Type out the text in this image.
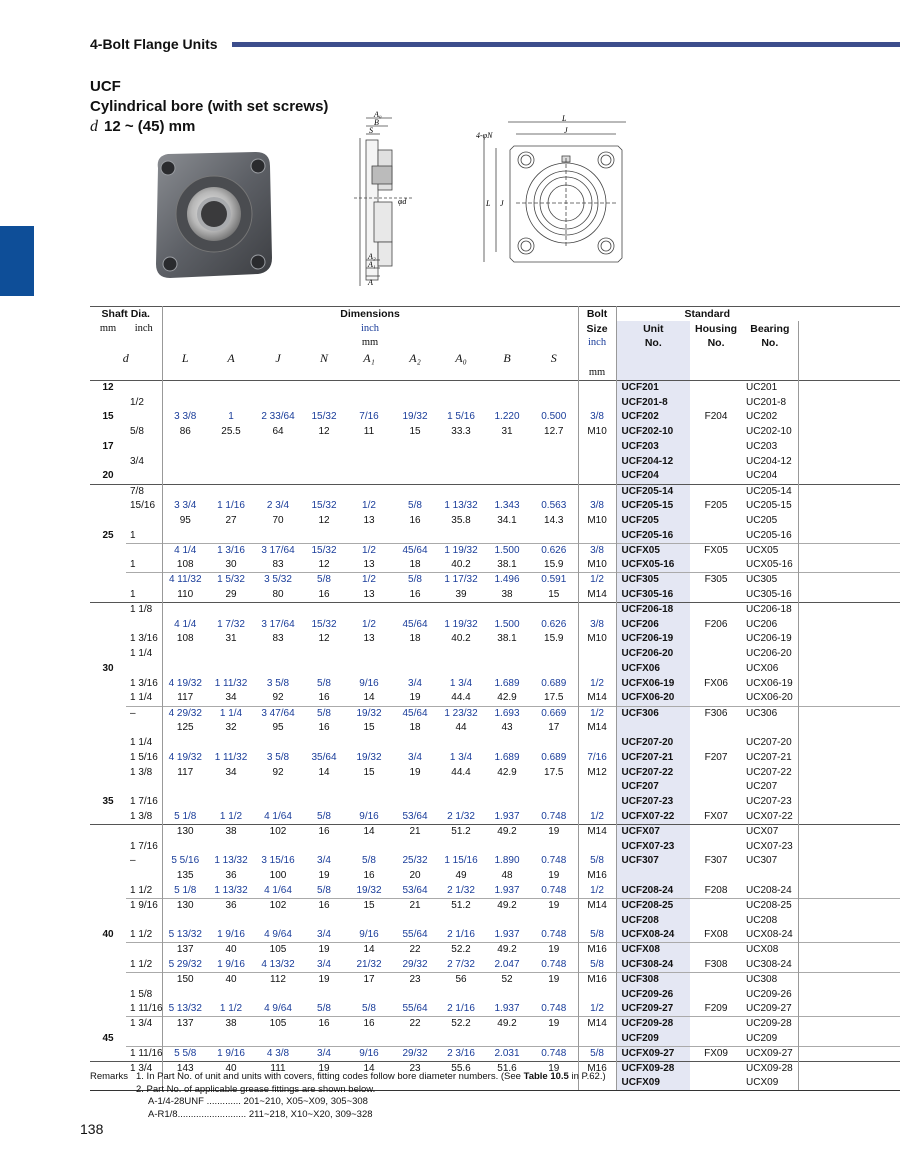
4-Bolt Flange Units
UCF
Cylindrical bore (with set screws)
d 12 ~ (45) mm
A₀
B
S
φd
A₂
A₁
A
L
J
4-φN
L J
Shaft Dia.		Dimensions									Bolt	Standard			
mm	inch	inch									Size	Unit	Housing	Bearing	
		mm									inch	No.	No.	No.	
d		L	A	J	N	A₁	A₂	A₀	B	S					
											mm				
12												UCF201		UC201	
	1/2											UCF201-8		UC201-8	
15		3 3/8	1	2 33/64	15/32	7/16	19/32	1 5/16	1.220	0.500	3/8	UCF202	F204	UC202	
	5/8	86	25.5	64	12	11	15	33.3	31	12.7	M10	UCF202-10		UC202-10	
17												UCF203		UC203	
	3/4											UCF204-12		UC204-12	
20												UCF204		UC204	
	7/8											UCF205-14		UC205-14	
	15/16	3 3/4	1 1/16	2 3/4	15/32	1/2	5/8	1 13/32	1.343	0.563	3/8	UCF205-15	F205	UC205-15	
		95	27	70	12	13	16	35.8	34.1	14.3	M10	UCF205		UC205	
25	1											UCF205-16		UC205-16	
		4 1/4	1 3/16	3 17/64	15/32	1/2	45/64	1 19/32	1.500	0.626	3/8	UCFX05	FX05	UCX05	
	1	108	30	83	12	13	18	40.2	38.1	15.9	M10	UCFX05-16		UCX05-16	
		4 11/32	1 5/32	3 5/32	5/8	1/2	5/8	1 17/32	1.496	0.591	1/2	UCF305	F305	UC305	
	1	110	29	80	16	13	16	39	38	15	M14	UCF305-16		UC305-16	
	1 1/8											UCF206-18		UC206-18	
		4 1/4	1 7/32	3 17/64	15/32	1/2	45/64	1 19/32	1.500	0.626	3/8	UCF206	F206	UC206	
	1 3/16	108	31	83	12	13	18	40.2	38.1	15.9	M10	UCF206-19		UC206-19	
	1 1/4											UCF206-20		UC206-20	
30												UCFX06		UCX06	
	1 3/16	4 19/32	1 11/32	3 5/8	5/8	9/16	3/4	1 3/4	1.689	0.689	1/2	UCFX06-19	FX06	UCX06-19	
	1 1/4	117	34	92	16	14	19	44.4	42.9	17.5	M14	UCFX06-20		UCX06-20	
	–	4 29/32	1 1/4	3 47/64	5/8	19/32	45/64	1 23/32	1.693	0.669	1/2	UCF306	F306	UC306	
		125	32	95	16	15	18	44	43	17	M14				
	1 1/4											UCF207-20		UC207-20	
	1 5/16	4 19/32	1 11/32	3 5/8	35/64	19/32	3/4	1 3/4	1.689	0.689	7/16	UCF207-21	F207	UC207-21	
	1 3/8	117	34	92	14	15	19	44.4	42.9	17.5	M12	UCF207-22		UC207-22	
												UCF207		UC207	
35	1 7/16											UCF207-23		UC207-23	
	1 3/8	5 1/8	1 1/2	4 1/64	5/8	9/16	53/64	2 1/32	1.937	0.748	1/2	UCFX07-22	FX07	UCX07-22	
		130	38	102	16	14	21	51.2	49.2	19	M14	UCFX07		UCX07	
	1 7/16											UCFX07-23		UCX07-23	
	–	5 5/16	1 13/32	3 15/16	3/4	5/8	25/32	1 15/16	1.890	0.748	5/8	UCF307	F307	UC307	
		135	36	100	19	16	20	49	48	19	M16				
	1 1/2	5 1/8	1 13/32	4 1/64	5/8	19/32	53/64	2 1/32	1.937	0.748	1/2	UCF208-24	F208	UC208-24	
	1 9/16	130	36	102	16	15	21	51.2	49.2	19	M14	UCF208-25		UC208-25	
												UCF208		UC208	
40	1 1/2	5 13/32	1 9/16	4 9/64	3/4	9/16	55/64	2 1/16	1.937	0.748	5/8	UCFX08-24	FX08	UCX08-24	
		137	40	105	19	14	22	52.2	49.2	19	M16	UCFX08		UCX08	
	1 1/2	5 29/32	1 9/16	4 13/32	3/4	21/32	29/32	2 7/32	2.047	0.748	5/8	UCF308-24	F308	UC308-24	
		150	40	112	19	17	23	56	52	19	M16	UCF308		UC308	
	1 5/8											UCF209-26		UC209-26	
	1 11/16	5 13/32	1 1/2	4 9/64	5/8	5/8	55/64	2 1/16	1.937	0.748	1/2	UCF209-27	F209	UC209-27	
	1 3/4	137	38	105	16	16	22	52.2	49.2	19	M14	UCF209-28		UC209-28	
45												UCF209		UC209	
	1 11/16	5 5/8	1 9/16	4 3/8	3/4	9/16	29/32	2 3/16	2.031	0.748	5/8	UCFX09-27	FX09	UCX09-27	
	1 3/4	143	40	111	19	14	23	55.6	51.6	19	M16	UCFX09-28		UCX09-28	
												UCFX09		UCX09	
Remarks 1. In Part No. of unit and units with covers, fitting codes follow bore diameter numbers. (See Table 10.5 in P.62.)
2. Part No. of applicable grease fittings are shown below.
A-1/4-28UNF ............. 201~210, X05~X09, 305~308
A-R1/8.......................... 211~218, X10~X20, 309~328
138
